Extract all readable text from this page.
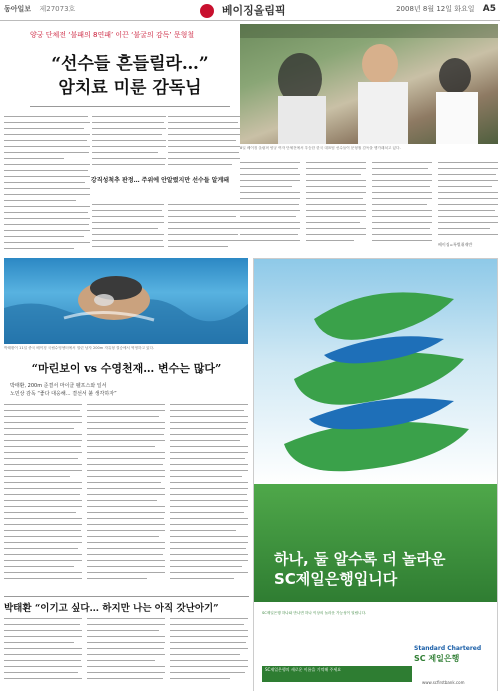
동아일보 제27073호	베이징올림픽	2008년 8월 12일 화요일 A5
양궁 단체전 ‘불패의 8연패’ 이끈 ‘불굴의 감독’ 문형철
“선수들 흔들릴라…”
암치료 미룬 감독님
강직성척추 판정… 주위에 안알렸지만 선수들 알게돼
8일 베이징 올림픽 양궁 여자 단체전에서 우승한 한국 대표팀 선수들이 문형철 감독을 헹가래치고 있다.
베이징=특별취재반
박태환이 11일 중국 베이징 국립수영센터에서 열린 남자 200m 자유형 결승에서 역영하고 있다.
“마린보이 vs 수영천재… 변수는 많다”
박태환, 200m 준결서 마이클 펠프스와 일서
노민상 감독 “좋다 대응해… 결선서 붙 생각하자”
박태환 “이기고 싶다… 하지만 나는 아직 갓난아기”
하나, 둘 알수록 더 놀라운
SC제일은행입니다
SC제일은행 하나와 만나면 하나 이상의 놀라운 가능성이 열립니다.
SC제일은행의 새로운 이름을 기억해 주세요
Standard Chartered
SC 제일은행
www.scfirstbank.com
